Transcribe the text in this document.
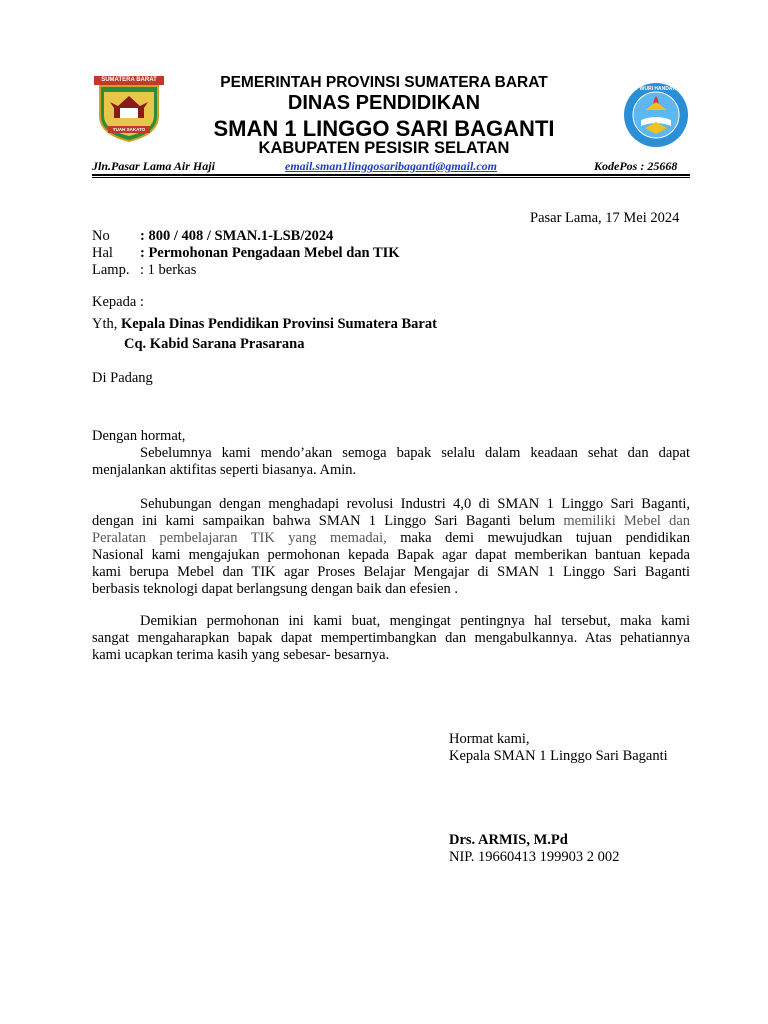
SUMATERA BARAT
TUAH SAKATO
TUT WURI HANDAYANI
PEMERINTAH PROVINSI SUMATERA BARAT
DINAS PENDIDIKAN
SMAN 1 LINGGO SARI BAGANTI
KABUPATEN PESISIR SELATAN
Jln.Pasar Lama Air Haji	email.sman1linggosaribaganti@gmail.com	KodePos : 25668
Pasar Lama, 17 Mei 2024
No : 800 / 408 / SMAN.1-LSB/2024
Hal : Permohonan Pengadaan Mebel dan TIK
Lamp. : 1 berkas
Kepada :
Yth, Kepala Dinas Pendidikan Provinsi Sumatera Barat
Cq. Kabid Sarana Prasarana
Di Padang
Dengan hormat,
Sebelumnya kami mendo’akan semoga bapak selalu dalam keadaan sehat dan dapat
menjalankan aktifitas seperti biasanya. Amin.
Sehubungan dengan menghadapi revolusi Industri 4,0 di SMAN 1 Linggo Sari Baganti,
dengan ini kami sampaikan bahwa SMAN 1 Linggo Sari Baganti belum memiliki Mebel dan
Peralatan pembelajaran TIK yang memadai, maka demi mewujudkan tujuan pendidikan
Nasional kami mengajukan permohonan kepada Bapak agar dapat memberikan bantuan kepada
kami berupa Mebel dan TIK agar Proses Belajar Mengajar di SMAN 1 Linggo Sari Baganti
berbasis teknologi dapat berlangsung dengan baik dan efesien .
Demikian permohonan ini kami buat, mengingat pentingnya hal tersebut, maka kami
sangat mengaharapkan bapak dapat mempertimbangkan dan mengabulkannya. Atas pehatiannya
kami ucapkan terima kasih yang sebesar- besarnya.
Hormat kami,
Kepala SMAN 1 Linggo Sari Baganti
Drs. ARMIS, M.Pd
NIP. 19660413 199903 2 002
